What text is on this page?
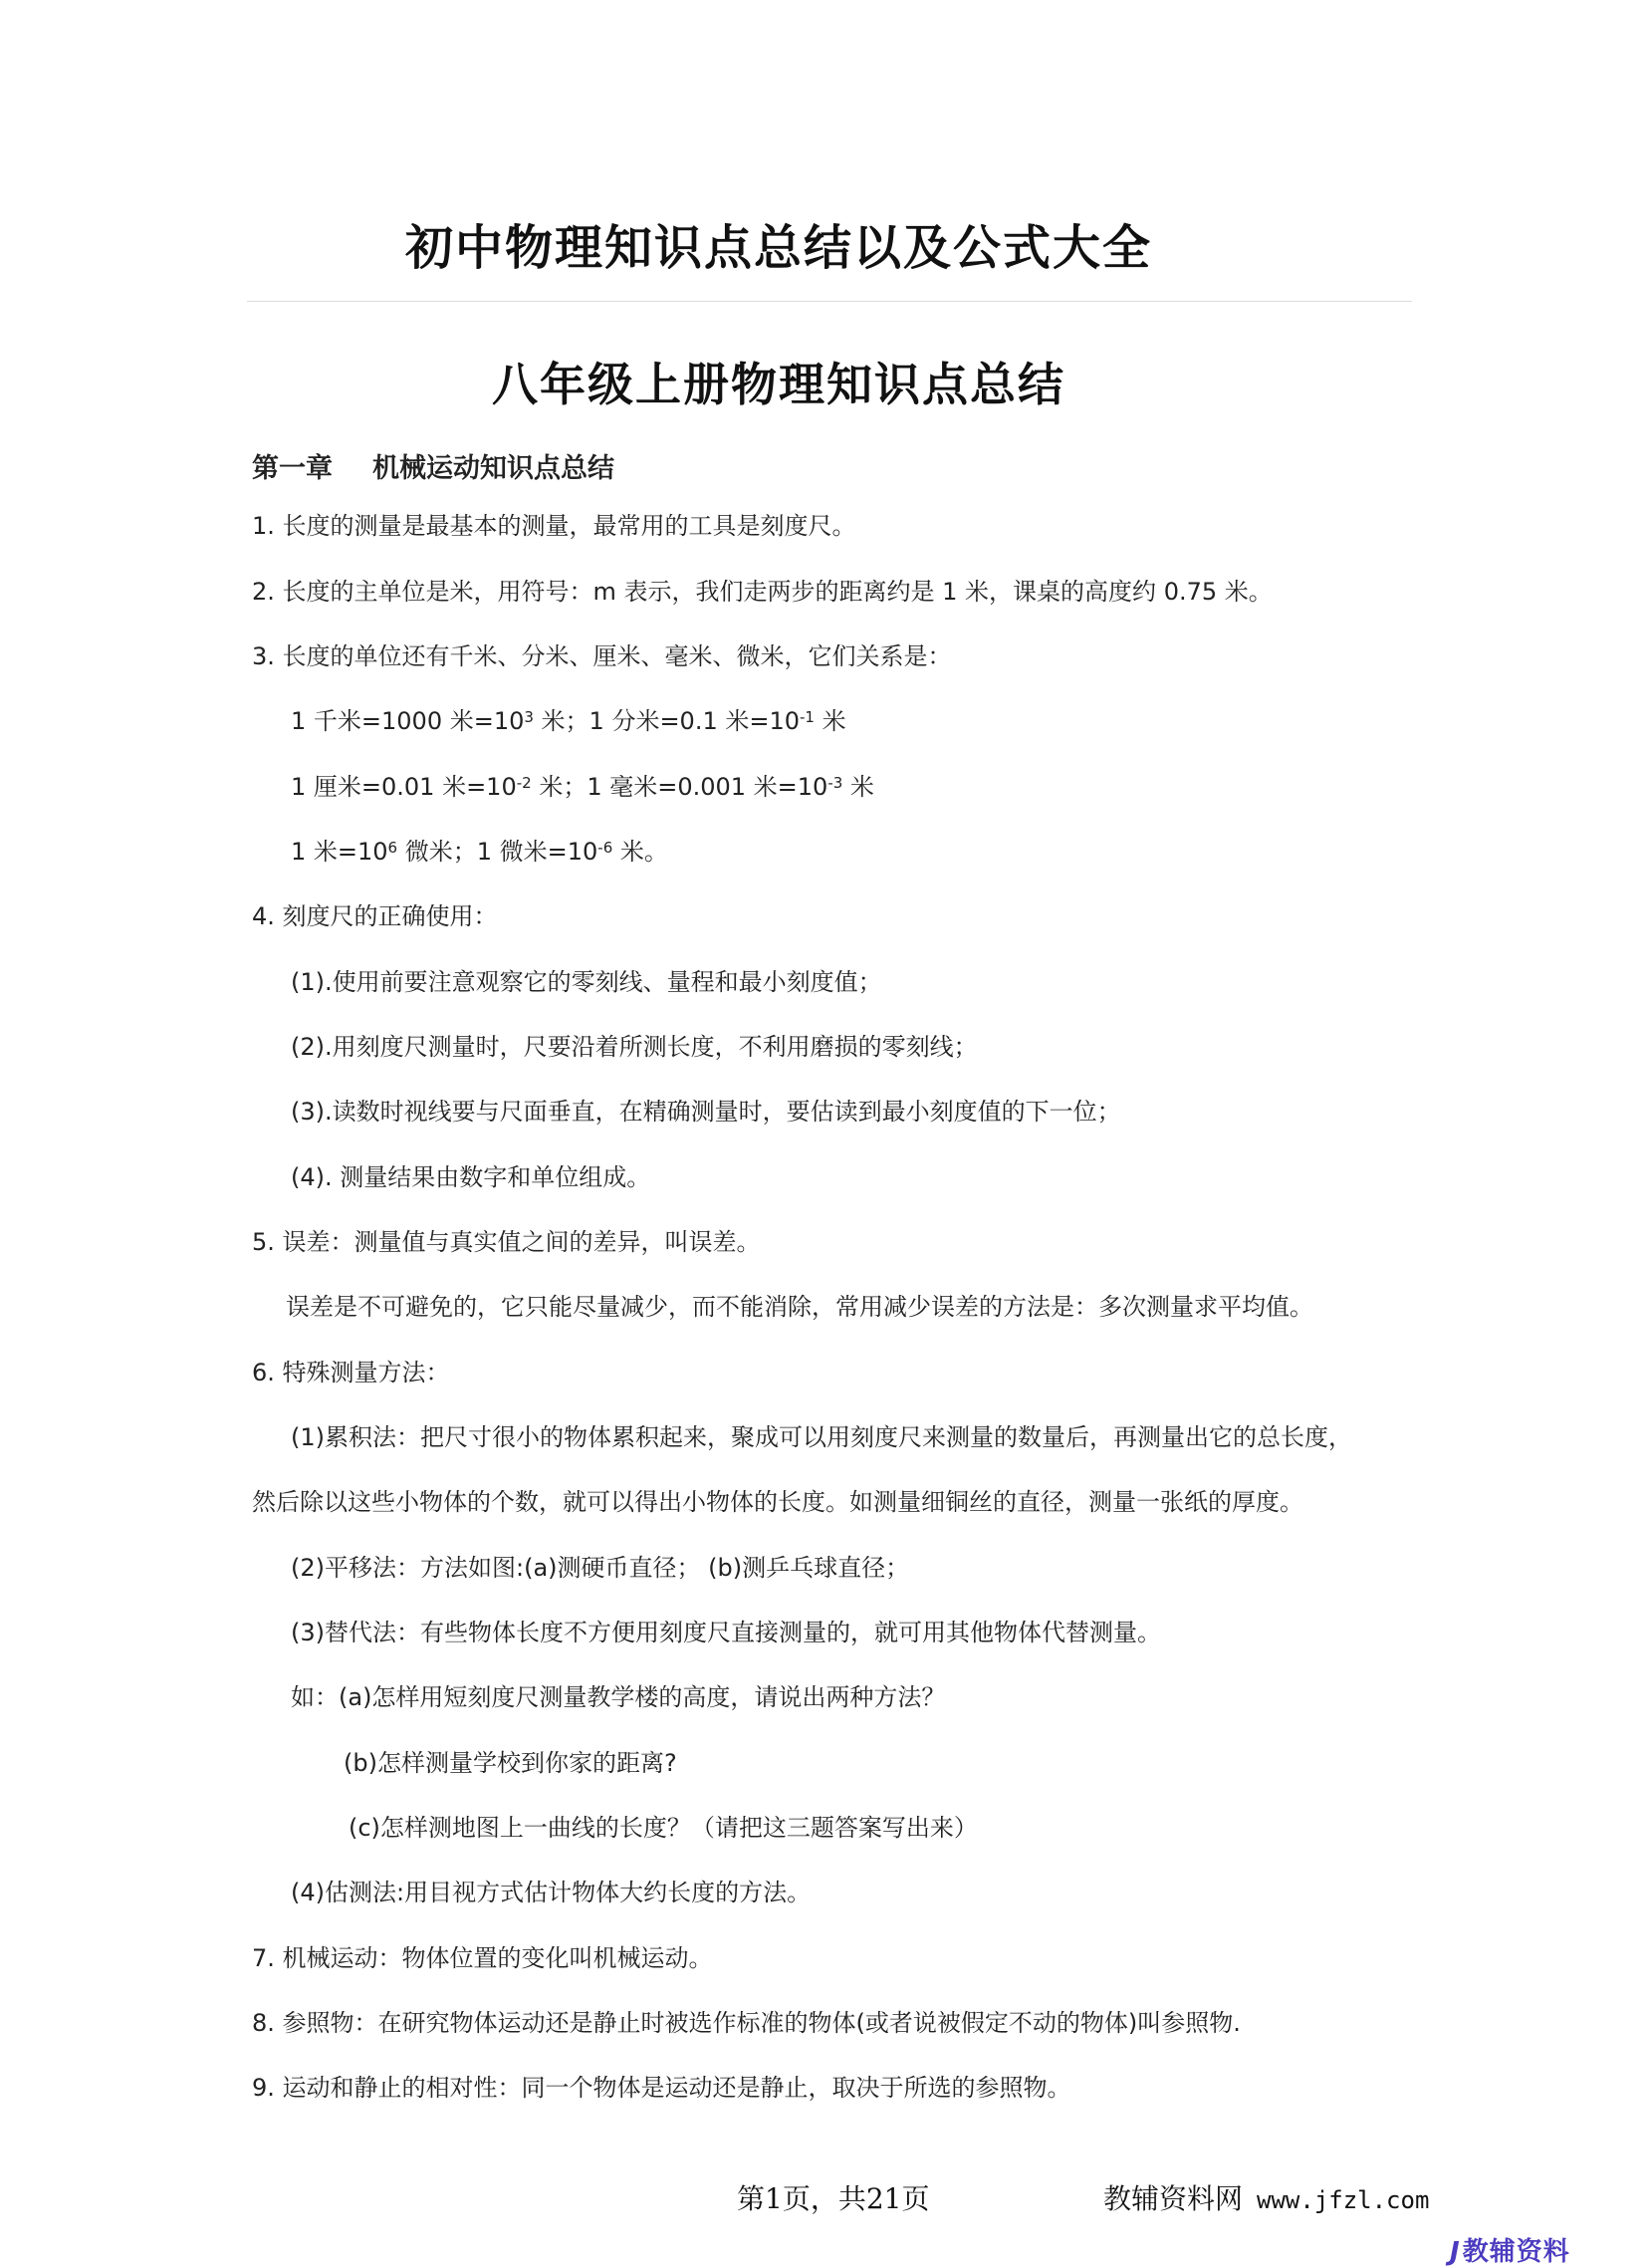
初中物理知识点总结以及公式大全
八年级上册物理知识点总结
第一章 机械运动知识点总结
1. 长度的测量是最基本的测量，最常用的工具是刻度尺。
2. 长度的主单位是米，用符号：m 表示，我们走两步的距离约是 1 米，课桌的高度约 0.75 米。
3. 长度的单位还有千米、分米、厘米、毫米、微米，它们关系是：
1 千米=1000 米$=10^3$ 米；1 分米=0.1 米$=10^{-1}$ 米
1 厘米=0.01 米$=10^{-2}$ 米；1 毫米=0.001 米$=10^{-3}$ 米
1 米$=10^6$ 微米；1 微米$=10^{-6}$ 米。
4. 刻度尺的正确使用：
(1).使用前要注意观察它的零刻线、量程和最小刻度值；
(2).用刻度尺测量时，尺要沿着所测长度，不利用磨损的零刻线；
(3).读数时视线要与尺面垂直，在精确测量时，要估读到最小刻度值的下一位；
(4). 测量结果由数字和单位组成。
5. 误差：测量值与真实值之间的差异，叫误差。
误差是不可避免的，它只能尽量减少，而不能消除，常用减少误差的方法是：多次测量求平均值。
6. 特殊测量方法：
(1)累积法：把尺寸很小的物体累积起来，聚成可以用刻度尺来测量的数量后，再测量出它的总长度，
然后除以这些小物体的个数，就可以得出小物体的长度。如测量细铜丝的直径，测量一张纸的厚度。
(2)平移法：方法如图:(a)测硬币直径； (b)测乒乓球直径；
(3)替代法：有些物体长度不方便用刻度尺直接测量的，就可用其他物体代替测量。
如：(a)怎样用短刻度尺测量教学楼的高度，请说出两种方法？
(b)怎样测量学校到你家的距离?
(c)怎样测地图上一曲线的长度？（请把这三题答案写出来）
(4)估测法:用目视方式估计物体大约长度的方法。
7. 机械运动：物体位置的变化叫机械运动。
8. 参照物：在研究物体运动还是静止时被选作标准的物体(或者说被假定不动的物体)叫参照物.
9. 运动和静止的相对性：同一个物体是运动还是静止，取决于所选的参照物。
第1页，共21页	教辅资料网 www.jfzl.com
J教辅资料
